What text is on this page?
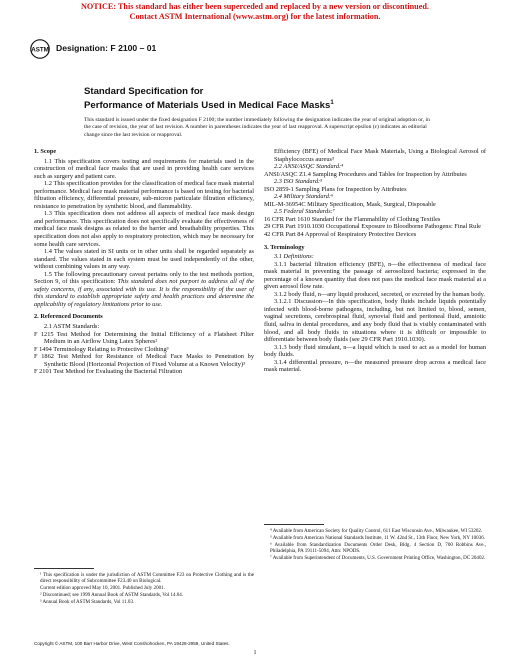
NOTICE: This standard has either been superceded and replaced by a new version or discontinued.
Contact ASTM International (www.astm.org) for the latest information.
ASTM Designation: F 2100 – 01
Standard Specification for
Performance of Materials Used in Medical Face Masks$^1$
This standard is issued under the fixed designation F 2100; the number immediately following the designation indicates the year of original adoption or, in the case of revision, the year of last revision. A number in parentheses indicates the year of last reapproval. A superscript epsilon (ε) indicates an editorial change since the last revision or reapproval.

1. Scope

1.1 This specification covers testing and requirements for materials used in the construction of medical face masks that are used in providing health care services such as surgery and patient care.

1.2 This specification provides for the classification of medical face mask material performance. Medical face mask material performance is based on testing for bacterial filtration efficiency, differential pressure, sub-micron particulate filtration efficiency, resistance to penetration by synthetic blood, and flammability.

1.3 This specification does not address all aspects of medical face mask design and performance. This specification does not specifically evaluate the effectiveness of medical face mask designs as related to the barrier and breathability properties. This specification does not also apply to respiratory protection, which may be necessary for some health care services.

1.4 The values stated in SI units or in other units shall be regarded separately as standard. The values stated in each system must be used independently of the other, without combining values in any way.

1.5 The following precautionary caveat pertains only to the test methods portion, Section 9, of this specification: This standard does not purport to address all of the safety concerns, if any, associated with its use. It is the responsibility of the user of this standard to establish appropriate safety and health practices and determine the applicability of regulatory limitations prior to use.

2. Referenced Documents

2.1 ASTM Standards:

F 1215 Test Method for Determining the Initial Efficiency of a Flatsheet Filter Medium in an Airflow Using Latex Spheres²

F 1494 Terminology Relating to Protective Clothing³

F 1862 Test Method for Resistance of Medical Face Masks to Penetration by Synthetic Blood (Horizontal Projection of Fixed Volume at a Known Velocity)³

F 2101 Test Method for Evaluating the Bacterial Filtration

Efficiency (BFE) of Medical Face Mask Materials, Using a Biological Aerosol of Staphylococcus aureus³

2.2 ANSI/ASQC Standard:⁴

ANSI/ASQC Z1.4 Sampling Procedures and Tables for Inspection by Attributes

2.3 ISO Standard:⁵

ISO 2859-1 Sampling Plans for Inspection by Attributes

2.4 Military Standard:⁶

MIL-M-36954C Military Specification, Mask, Surgical, Disposable

2.5 Federal Standards:⁷

16 CFR Part 1610 Standard for the Flammability of Clothing Textiles

29 CFR Part 1910.1030 Occupational Exposure to Bloodborne Pathogens: Final Rule

42 CFR Part 84 Approval of Respiratory Protective Devices

3. Terminology

3.1 Definitions:

3.1.1 bacterial filtration efficiency (BFE), n—the effectiveness of medical face mask material in preventing the passage of aerosolized bacteria; expressed in the percentage of a known quantity that does not pass the medical face mask material at a given aerosol flow rate.

3.1.2 body fluid, n—any liquid produced, secreted, or excreted by the human body.

3.1.2.1 Discussion—In this specification, body fluids include liquids potentially infected with blood-borne pathogens, including, but not limited to, blood, semen, vaginal secretions, cerebrospinal fluid, synovial fluid and peritoneal fluid, amniotic fluid, saliva in dental procedures, and any body fluid that is visibly contaminated with blood, and all body fluids in situations where it is difficult or impossible to differentiate between body fluids (see 29 CFR Part 1910.1030).

3.1.3 body fluid simulant, n—a liquid which is used to act as a model for human body fluids.

3.1.4 differential pressure, n—the measured pressure drop across a medical face mask material.

¹ This specification is under the jurisdiction of ASTM Committee F23 on Protective Clothing and is the direct responsibility of Subcommittee F23.40 on Biological.

Current edition approved May 10, 2001. Published July 2001.

² Discontinued; see 1999 Annual Book of ASTM Standards, Vol 14.04.

³ Annual Book of ASTM Standards, Vol 11.03.

⁴ Available from American Society for Quality Control, 611 East Wisconsin Ave., Milwaukee, WI 53202.

⁵ Available from American National Standards Institute, 11 W. 42nd St., 13th Floor, New York, NY 10036.

⁶ Available from Standardization Documents Order Desk, Bldg. 4 Section D, 700 Robbins Ave., Philadelphia, PA 19111-5094, Attn: NPODS.

⁷ Available from Superintendent of Documents, U.S. Government Printing Office, Washington, DC 20402.

Copyright © ASTM, 100 Barr Harbor Drive, West Conshohocken, PA 19428-2959, United States.
1
